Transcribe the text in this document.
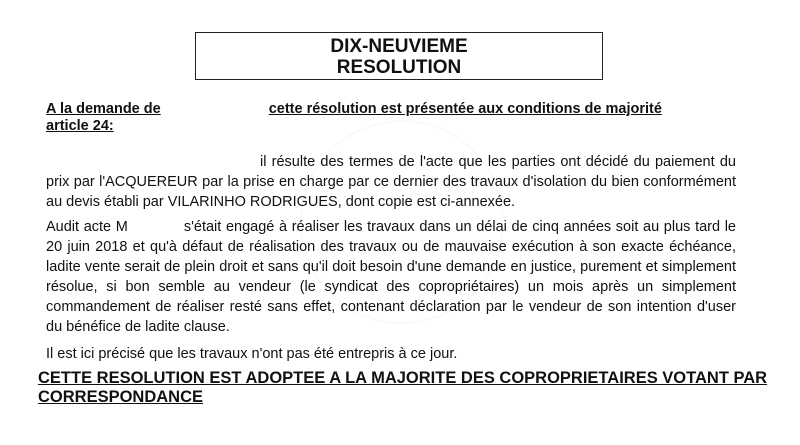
DIX-NEUVIEME
RESOLUTION
A la demande de	cette résolution est présentée aux conditions de majorité
article 24:
il résulte des termes de l'acte que les parties ont décidé du paiement du prix par l'ACQUEREUR par la prise en charge par ce dernier des travaux d'isolation du bien conformément au devis établi par VILARINHO RODRIGUES, dont copie est ci-annexée.
Audit acte M	s'était engagé à réaliser les travaux dans un délai de cinq années soit au plus tard le 20 juin 2018 et qu'à défaut de réalisation des travaux ou de mauvaise exécution à son exacte échéance, ladite vente serait de plein droit et sans qu'il doit besoin d'une demande en justice, purement et simplement résolue, si bon semble au vendeur (le syndicat des copropriétaires) un mois après un simplement commandement de réaliser resté sans effet, contenant déclaration par le vendeur de son intention d'user du bénéfice de ladite clause.
Il est ici précisé que les travaux n'ont pas été entrepris à ce jour.
CETTE RESOLUTION EST ADOPTEE A LA MAJORITE DES COPROPRIETAIRES VOTANT PAR CORRESPONDANCE
